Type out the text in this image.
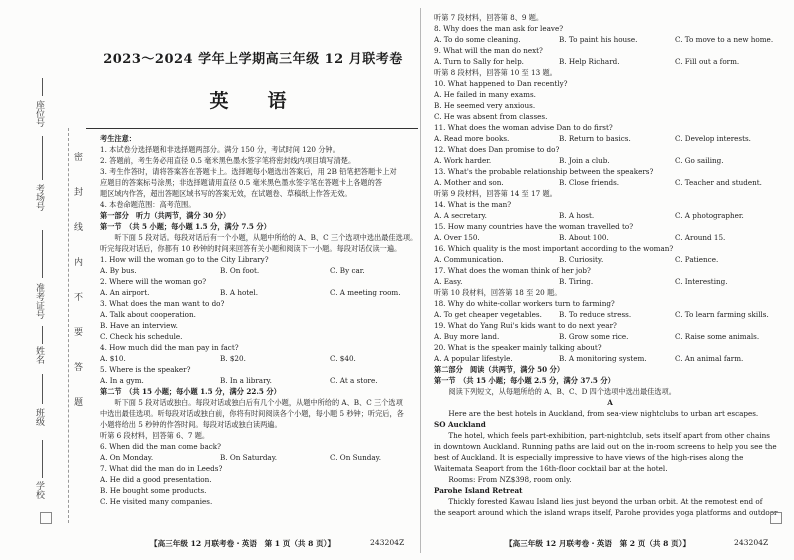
2023～2024 学年上学期高三年级 12 月联考卷
英　语
座位号
考场号
准考证号
姓名
班级
学校
密
封
线
内
不
要
答
题
考生注意：
1. 本试卷分选择题和非选择题两部分。满分 150 分，考试时间 120 分钟。
2. 答题前，考生务必用直径 0.5 毫米黑色墨水签字笔将密封线内项目填写清楚。
3. 考生作答时，请将答案答在答题卡上。选择题每小题选出答案后，用 2B 铅笔把答题卡上对
应题目的答案标号涂黑；非选择题请用直径 0.5 毫米黑色墨水签字笔在答题卡上各题的答
题区域内作答，超出答题区域书写的答案无效，在试题卷、草稿纸上作答无效。
4. 本卷命题范围：高考范围。
第一部分　听力（共两节，满分 30 分）
第一节　（共 5 小题；每小题 1.5 分，满分 7.5 分）
　　听下面 5 段对话。每段对话后有一个小题，从题中所给的 A、B、C 三个选项中选出最佳选项。
听完每段对话后，你都有 10 秒钟的时间来回答有关小题和阅读下一小题。每段对话仅读一遍。
1. How will the woman go to the City Library?
A. By bus.	B. On foot.	C. By car.
2. Where will the woman go?
A. An airport.	B. A hotel.	C. A meeting room.
3. What does the man want to do?
A. Talk about cooperation.
B. Have an interview.
C. Check his schedule.
4. How much did the man pay in fact?
A. $10.	B. $20.	C. $40.
5. Where is the speaker?
A. In a gym.	B. In a library.	C. At a store.
第二节　（共 15 小题；每小题 1.5 分，满分 22.5 分）
　　听下面 5 段对话或独白。每段对话或独白后有几个小题，从题中所给的 A、B、C 三个选项
中选出最佳选项。听每段对话或独白前，你将有时间阅读各个小题，每小题 5 秒钟；听完后，各
小题将给出 5 秒钟的作答时间。每段对话或独白读两遍。
听第 6 段材料，回答第 6、7 题。
6. When did the man come back?
A. On Monday.	B. On Saturday.	C. On Sunday.
7. What did the man do in Leeds?
A. He did a good presentation.
B. He bought some products.
C. He visited many companies.
听第 7 段材料，回答第 8、9 题。
8. Why does the man ask for leave?
A. To do some cleaning.	B. To paint his house.	C. To move to a new home.
9. What will the man do next?
A. Turn to Sally for help.	B. Help Richard.	C. Fill out a form.
听第 8 段材料，回答第 10 至 13 题。
10. What happened to Dan recently?
A. He failed in many exams.
B. He seemed very anxious.
C. He was absent from classes.
11. What does the woman advise Dan to do first?
A. Read more books.	B. Return to basics.	C. Develop interests.
12. What does Dan promise to do?
A. Work harder.	B. Join a club.	C. Go sailing.
13. What's the probable relationship between the speakers?
A. Mother and son.	B. Close friends.	C. Teacher and student.
听第 9 段材料，回答第 14 至 17 题。
14. What is the man?
A. A secretary.	B. A host.	C. A photographer.
15. How many countries have the woman travelled to?
A. Over 150.	B. About 100.	C. Around 15.
16. Which quality is the most important according to the woman?
A. Communication.	B. Curiosity.	C. Patience.
17. What does the woman think of her job?
A. Easy.	B. Tiring.	C. Interesting.
听第 10 段材料，回答第 18 至 20 题。
18. Why do white-collar workers turn to farming?
A. To get cheaper vegetables. B. To reduce stress.	C. To learn farming skills.
19. What do Yang Rui's kids want to do next year?
A. Buy more land.	B. Grow some rice.	C. Raise some animals.
20. What is the speaker mainly talking about?
A. A popular lifestyle.	B. A monitoring system.	C. An animal farm.
第二部分　阅读（共两节，满分 50 分）
第一节　（共 15 小题；每小题 2.5 分，满分 37.5 分）
　　阅读下列短文，从每题所给的 A、B、C、D 四个选项中选出最佳选项。
A
　　Here are the best hotels in Auckland, from sea-view nightclubs to urban art escapes.
SO Auckland
　　The hotel, which feels part-exhibition, part-nightclub, sets itself apart from other chains
in downtown Auckland. Running paths are laid out on the in-room screens to help you see the
best of Auckland. It is especially impressive to have views of the high-rises along the
Waitemata Seaport from the 16th-floor cocktail bar at the hotel.
　　Rooms: From NZ$398, room only.
Parohe Island Retreat
　　Thickly forested Kawau Island lies just beyond the urban orbit. At the remotest end of
the seaport around which the island wraps itself, Parohe provides yoga platforms and outdoor
【高三年级 12 月联考卷・英语　第 1 页（共 8 页）】	243204Z	【高三年级 12 月联考卷・英语　第 2 页（共 8 页）】	243204Z
